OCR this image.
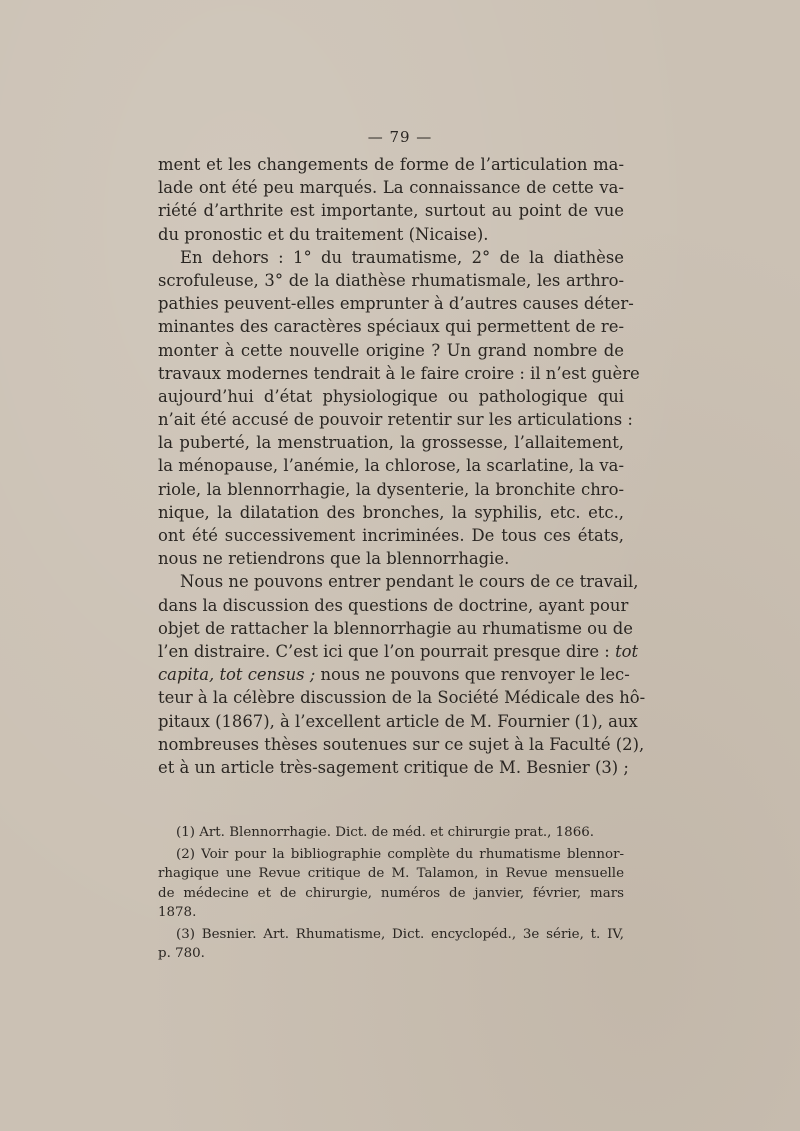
— 79 —
ment et les changements de forme de l’articulation ma-
lade ont été peu marqués. La connaissance de cette va-
riété d’arthrite est importante, surtout au point de vue
du pronostic et du traitement (Nicaise).
En dehors : 1° du traumatisme, 2° de la diathèse
scrofuleuse, 3° de la diathèse rhumatismale, les arthro-
pathies peuvent-elles emprunter à d’autres causes déter-
minantes des caractères spéciaux qui permettent de re-
monter à cette nouvelle origine ? Un grand nombre de
travaux modernes tendrait à le faire croire : il n’est guère
aujourd’hui d’état physiologique ou pathologique qui
n’ait été accusé de pouvoir retentir sur les articulations :
la puberté, la menstruation, la grossesse, l’allaitement,
la ménopause, l’anémie, la chlorose, la scarlatine, la va-
riole, la blennorrhagie, la dysenterie, la bronchite chro-
nique, la dilatation des bronches, la syphilis, etc. etc.,
ont été successivement incriminées. De tous ces états,
nous ne retiendrons que la blennorrhagie.
Nous ne pouvons entrer pendant le cours de ce travail,
dans la discussion des questions de doctrine, ayant pour
objet de rattacher la blennorrhagie au rhumatisme ou de
l’en distraire. C’est ici que l’on pourrait presque dire : tot
capita, tot census ; nous ne pouvons que renvoyer le lec-
teur à la célèbre discussion de la Société Médicale des hô-
pitaux (1867), à l’excellent article de M. Fournier (1), aux
nombreuses thèses soutenues sur ce sujet à la Faculté (2),
et à un article très-sagement critique de M. Besnier (3) ;
(1) Art. Blennorrhagie. Dict. de méd. et chirurgie prat., 1866.
(2) Voir pour la bibliographie complète du rhumatisme blennor-
rhagique une Revue critique de M. Talamon, in Revue mensuelle
de médecine et de chirurgie, numéros de janvier, février, mars
1878.
(3) Besnier. Art. Rhumatisme, Dict. encyclopéd., 3e série, t. IV,
p. 780.
